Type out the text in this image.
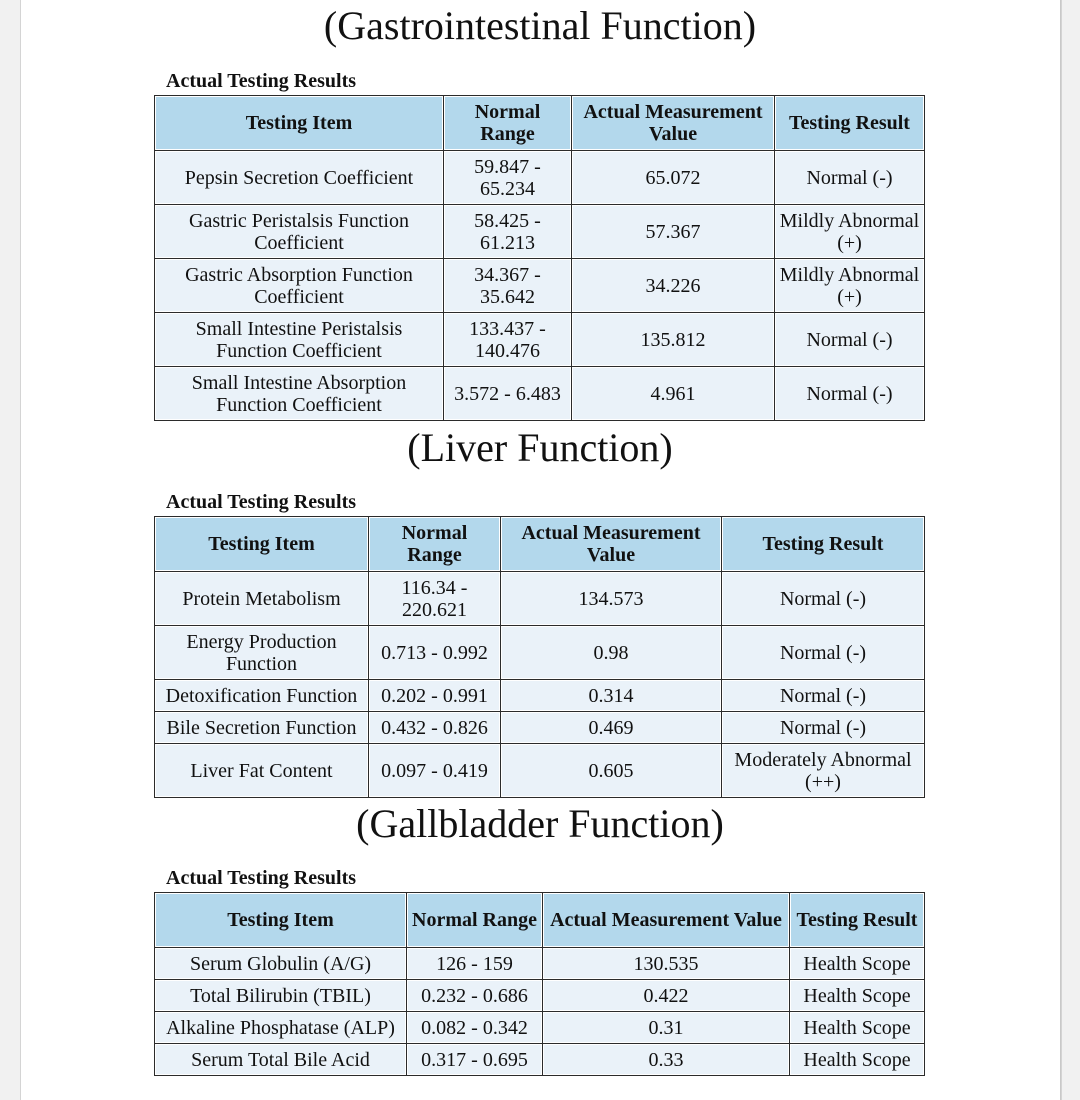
(Gastrointestinal Function)

Actual Testing Results

Testing Item	Normal Range	Actual Measurement Value	Testing Result
Pepsin Secretion Coefficient	59.847 - 65.234	65.072	Normal (-)
Gastric Peristalsis Function Coefficient	58.425 - 61.213	57.367	Mildly Abnormal (+)
Gastric Absorption Function Coefficient	34.367 - 35.642	34.226	Mildly Abnormal (+)
Small Intestine Peristalsis Function Coefficient	133.437 - 140.476	135.812	Normal (-)
Small Intestine Absorption Function Coefficient	3.572 - 6.483	4.961	Normal (-)
(Liver Function)

Actual Testing Results

Testing Item	Normal Range	Actual Measurement Value	Testing Result
Protein Metabolism	116.34 - 220.621	134.573	Normal (-)
Energy Production Function	0.713 - 0.992	0.98	Normal (-)
Detoxification Function	0.202 - 0.991	0.314	Normal (-)
Bile Secretion Function	0.432 - 0.826	0.469	Normal (-)
Liver Fat Content	0.097 - 0.419	0.605	Moderately Abnormal (++)
(Gallbladder Function)

Actual Testing Results

Testing Item	Normal Range	Actual Measurement Value	Testing Result
Serum Globulin (A/G)	126 - 159	130.535	Health Scope
Total Bilirubin (TBIL)	0.232 - 0.686	0.422	Health Scope
Alkaline Phosphatase (ALP)	0.082 - 0.342	0.31	Health Scope
Serum Total Bile Acid	0.317 - 0.695	0.33	Health Scope
